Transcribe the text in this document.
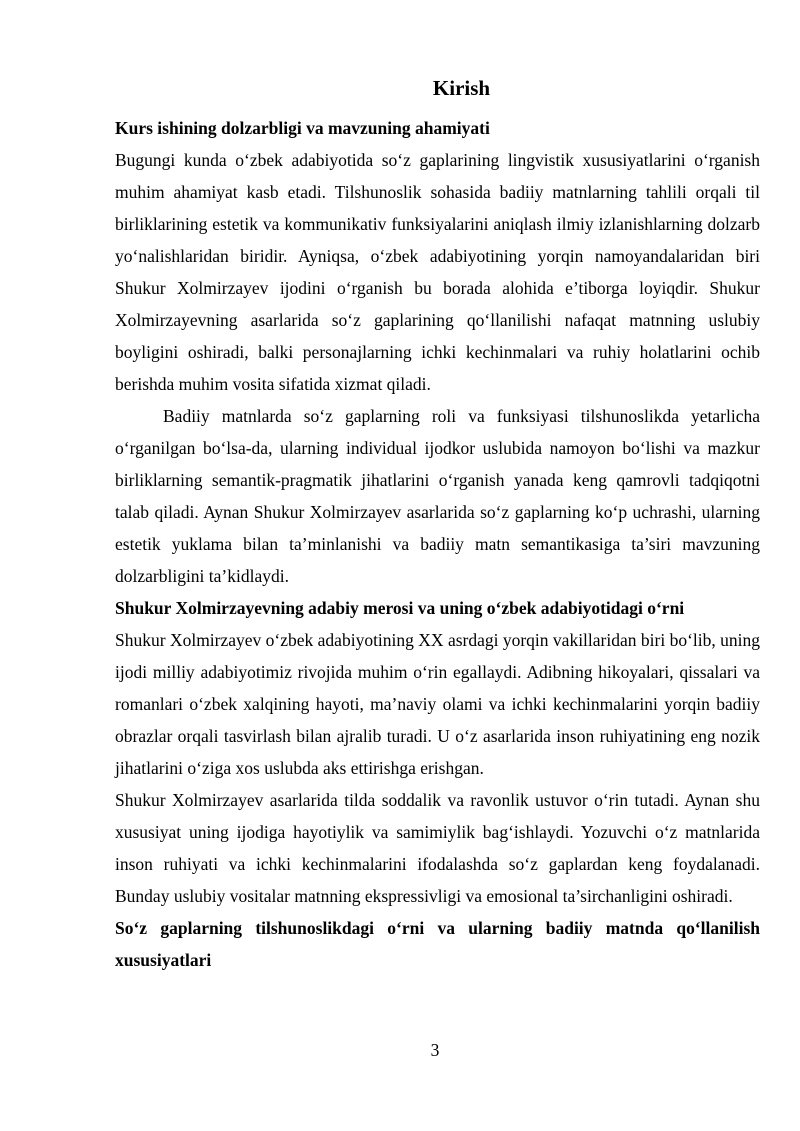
Kirish
Kurs ishining dolzarbligi va mavzuning ahamiyati

Bugungi kunda o‘zbek adabiyotida so‘z gaplarining lingvistik xususiyatlarini o‘rganish muhim ahamiyat kasb etadi. Tilshunoslik sohasida badiiy matnlarning tahlili orqali til birliklarining estetik va kommunikativ funksiyalarini aniqlash ilmiy izlanishlarning dolzarb yo‘nalishlaridan biridir. Ayniqsa, o‘zbek adabiyotining yorqin namoyandalaridan biri Shukur Xolmirzayev ijodini o‘rganish bu borada alohida e’tiborga loyiqdir. Shukur Xolmirzayevning asarlarida so‘z gaplarining qo‘llanilishi nafaqat matnning uslubiy boyligini oshiradi, balki personajlarning ichki kechinmalari va ruhiy holatlarini ochib berishda muhim vosita sifatida xizmat qiladi.

Badiiy matnlarda so‘z gaplarning roli va funksiyasi tilshunoslikda yetarlicha o‘rganilgan bo‘lsa-da, ularning individual ijodkor uslubida namoyon bo‘lishi va mazkur birliklarning semantik-pragmatik jihatlarini o‘rganish yanada keng qamrovli tadqiqotni talab qiladi. Aynan Shukur Xolmirzayev asarlarida so‘z gaplarning ko‘p uchrashi, ularning estetik yuklama bilan ta’minlanishi va badiiy matn semantikasiga ta’siri mavzuning dolzarbligini ta’kidlaydi.

Shukur Xolmirzayevning adabiy merosi va uning o‘zbek adabiyotidagi o‘rni

Shukur Xolmirzayev o‘zbek adabiyotining XX asrdagi yorqin vakillaridan biri bo‘lib, uning ijodi milliy adabiyotimiz rivojida muhim o‘rin egallaydi. Adibning hikoyalari, qissalari va romanlari o‘zbek xalqining hayoti, ma’naviy olami va ichki kechinmalarini yorqin badiiy obrazlar orqali tasvirlash bilan ajralib turadi. U o‘z asarlarida inson ruhiyatining eng nozik jihatlarini o‘ziga xos uslubda aks ettirishga erishgan.

Shukur Xolmirzayev asarlarida tilda soddalik va ravonlik ustuvor o‘rin tutadi. Aynan shu xususiyat uning ijodiga hayotiylik va samimiylik bag‘ishlaydi. Yozuvchi o‘z matnlarida inson ruhiyati va ichki kechinmalarini ifodalashda so‘z gaplardan keng foydalanadi. Bunday uslubiy vositalar matnning ekspressivligi va emosional ta’sirchanligini oshiradi.

So‘z gaplarning tilshunoslikdagi o‘rni va ularning badiiy matnda qo‘llanilish xususiyatlari
3
